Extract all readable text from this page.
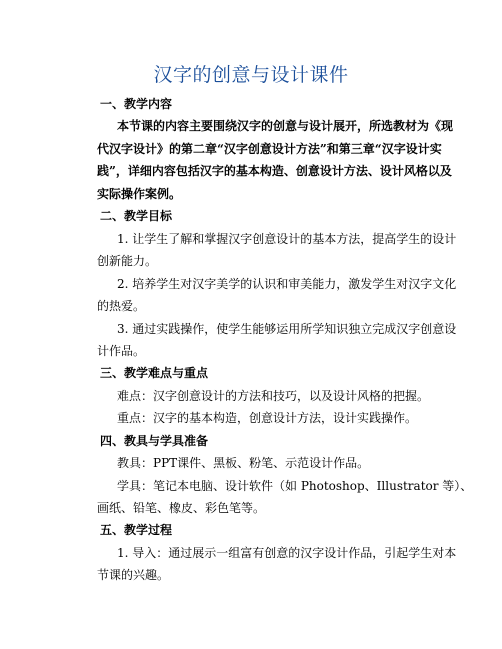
汉字的创意与设计课件

一、教学内容

本节课的内容主要围绕汉字的创意与设计展开，所选教材为《现

代汉字设计》的第二章“汉字创意设计方法”和第三章“汉字设计实

践”，详细内容包括汉字的基本构造、创意设计方法、设计风格以及

实际操作案例。

二、教学目标

1. 让学生了解和掌握汉字创意设计的基本方法，提高学生的设计

创新能力。

2. 培养学生对汉字美学的认识和审美能力，激发学生对汉字文化

的热爱。

3. 通过实践操作，使学生能够运用所学知识独立完成汉字创意设

计作品。

三、教学难点与重点

难点：汉字创意设计的方法和技巧，以及设计风格的把握。

重点：汉字的基本构造，创意设计方法，设计实践操作。

四、教具与学具准备

教具：PPT课件、黑板、粉笔、示范设计作品。

学具：笔记本电脑、设计软件（如 Photoshop、Illustrator 等）、

画纸、铅笔、橡皮、彩色笔等。

五、教学过程

1. 导入：通过展示一组富有创意的汉字设计作品，引起学生对本

节课的兴趣。
